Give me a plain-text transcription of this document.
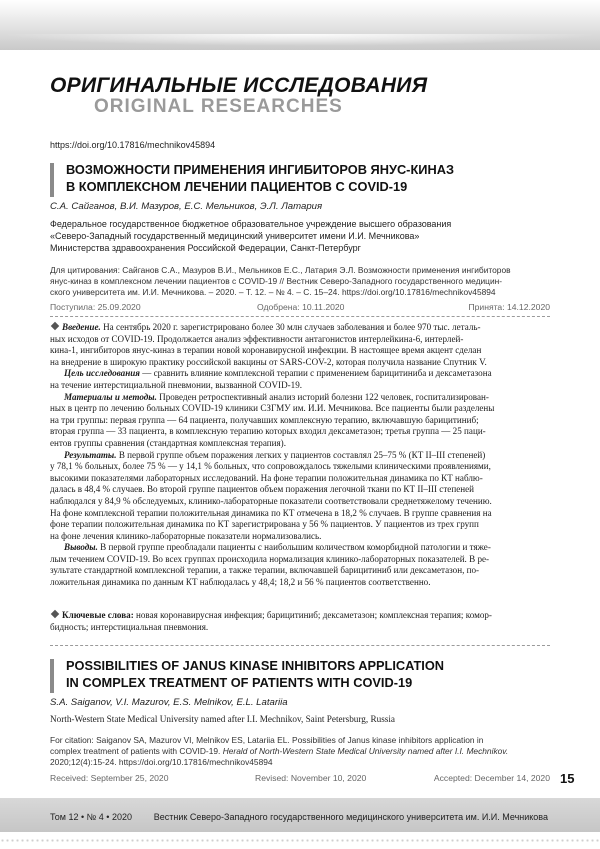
ОРИГИНАЛЬНЫЕ ИССЛЕДОВАНИЯ
ORIGINAL RESEARCHES
https://doi.org/10.17816/mechnikov45894
ВОЗМОЖНОСТИ ПРИМЕНЕНИЯ ИНГИБИТОРОВ ЯНУС-КИНАЗ
В КОМПЛЕКСНОМ ЛЕЧЕНИИ ПАЦИЕНТОВ С COVID-19
С.А. Сайганов, В.И. Мазуров, Е.С. Мельников, Э.Л. Латария
Федеральное государственное бюджетное образовательное учреждение высшего образования
«Северо-Западный государственный медицинский университет имени И.И. Мечникова»
Министерства здравоохранения Российской Федерации, Санкт-Петербург
Для цитирования: Сайганов С.А., Мазуров В.И., Мельников Е.С., Латария Э.Л. Возможности применения ингибиторов
янус-киназ в комплексном лечении пациентов с COVID-19 // Вестник Северо-Западного государственного медицин-
ского университета им. И.И. Мечникова. – 2020. – Т. 12. – № 4. – С. 15–24. https://doi.org/10.17816/mechnikov45894
Поступила: 25.09.2020	Одобрена: 10.11.2020	Принята: 14.12.2020

Введение. На сентябрь 2020 г. зарегистрировано более 30 млн случаев заболевания и более 970 тыс. леталь-
ных исходов от COVID-19. Продолжается анализ эффективности антагонистов интерлейкина-6, интерлей-
кина-1, ингибиторов янус-киназ в терапии новой коронавирусной инфекции. В настоящее время акцент сделан
на внедрение в широкую практику российской вакцины от SARS-COV-2, которая получила название Спутник V.

Цель исследования — сравнить влияние комплексной терапии с применением барицитиниба и дексаметазона

на течение интерстициальной пневмонии, вызванной COVID-19.

Материалы и методы. Проведен ретроспективный анализ историй болезни 122 человек, госпитализирован-

ных в центр по лечению больных COVID-19 клиники СЗГМУ им. И.И. Мечникова. Все пациенты были разделены
на три группы: первая группа — 64 пациента, получавших комплексную терапию, включавшую барицитиниб;
вторая группа — 33 пациента, в комплексную терапию которых входил дексаметазон; третья группа — 25 паци-
ентов группы сравнения (стандартная комплексная терапия).

Результаты. В первой группе объем поражения легких у пациентов составлял 25–75 % (КТ II–III степеней)

у 78,1 % больных, более 75 % — у 14,1 % больных, что сопровождалось тяжелыми клиническими проявлениями,
высокими показателями лабораторных исследований. На фоне терапии положительная динамика по КТ наблю-
далась в 48,4 % случаев. Во второй группе пациентов объем поражения легочной ткани по КТ II–III степеней
наблюдался у 84,9 % обследуемых, клинико-лабораторные показатели соответствовали среднетяжелому течению.
На фоне комплексной терапии положительная динамика по КТ отмечена в 18,2 % случаев. В группе сравнения на
фоне терапии положительная динамика по КТ зарегистрирована у 56 % пациентов. У пациентов из трех групп
на фоне лечения клинико-лабораторные показатели нормализовались.

Выводы. В первой группе преобладали пациенты с наибольшим количеством коморбидной патологии и тяже-

лым течением COVID-19. Во всех группах происходила нормализация клинико-лабораторных показателей. В ре-
зультате стандартной комплексной терапии, а также терапии, включавшей барицитиниб или дексаметазон, по-
ложительная динамика по данным КТ наблюдалась у 48,4; 18,2 и 56 % пациентов соответственно.

Ключевые слова: новая коронавирусная инфекция; барицитиниб; дексаметазон; комплексная терапия; комор-
бидность; интерстициальная пневмония.
POSSIBILITIES OF JANUS KINASE INHIBITORS APPLICATION
IN COMPLEX TREATMENT OF PATIENTS WITH COVID-19
S.A. Saiganov, V.I. Mazurov, E.S. Melnikov, E.L. Latariia
North-Western State Medical University named after I.I. Mechnikov, Saint Petersburg, Russia
For citation: Saiganov SA, Mazurov VI, Melnikov ES, Latariia EL. Possibilities of Janus kinase inhibitors application in
complex treatment of patients with COVID-19. Herald of North-Western State Medical University named after I.I. Mechnikov.
2020;12(4):15-24. https://doi.org/10.17816/mechnikov45894
Received: September 25, 2020	Revised: November 10, 2020	Accepted: December 14, 2020 15
Том 12 • № 4 • 2020 Вестник Северо-Западного государственного медицинского университета им. И.И. Мечникова
